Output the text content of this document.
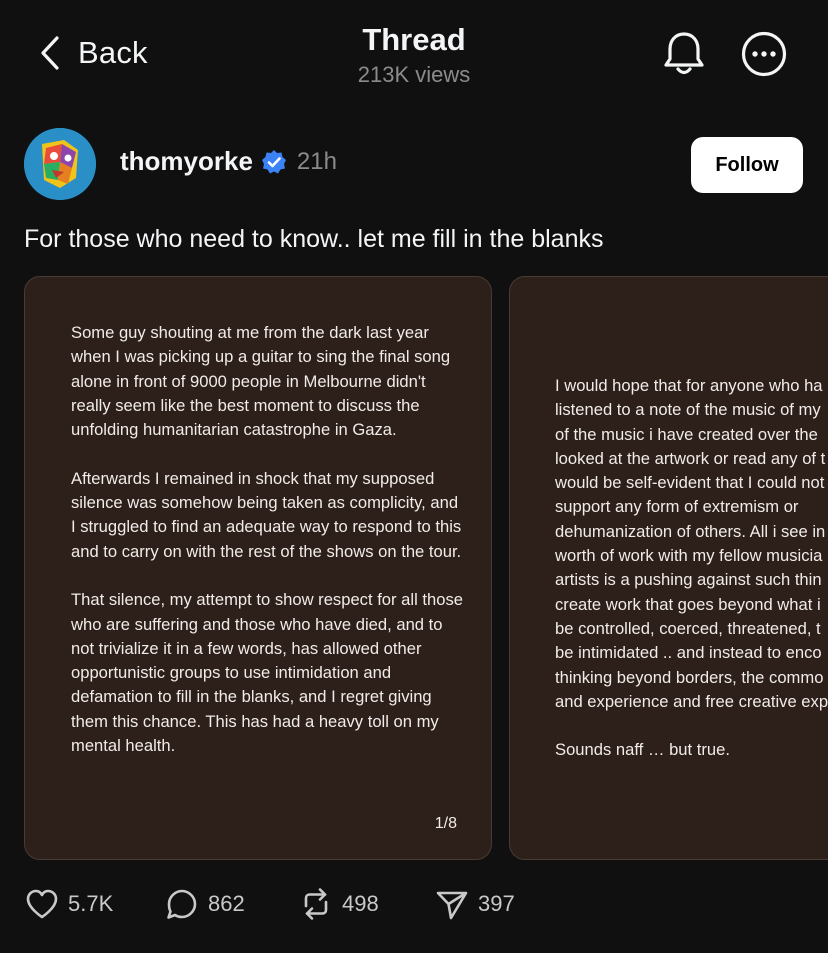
Back	Thread
213K views
thomyorke 21h	Follow
For those who need to know.. let me fill in the blanks
Some guy shouting at me from the dark last year when I was picking up a guitar to sing the final song alone in front of 9000 people in Melbourne didn't really seem like the best moment to discuss the unfolding humanitarian catastrophe in Gaza.

Afterwards I remained in shock that my supposed silence was somehow being taken as complicity, and I struggled to find an adequate way to respond to this and to carry on with the rest of the shows on the tour.

That silence, my attempt to show respect for all those who are suffering and those who have died, and to not trivialize it in a few words, has allowed other opportunistic groups to use intimidation and defamation to fill in the blanks, and I regret giving them this chance. This has had a heavy toll on my mental health.
1/8
I would hope that for anyone who ha
listened to a note of the music of my
of the music i have created over the
looked at the artwork or read any of t
would be self-evident that I could not
support any form of extremism or
dehumanization of others. All i see in
worth of work with my fellow musicia
artists is a pushing against such thin
create work that goes beyond what i
be controlled, coerced, threatened, t
be intimidated .. and instead to enco
thinking beyond borders, the commo
and experience and free creative exp

Sounds naff … but true.
5.7K	862	498	397
